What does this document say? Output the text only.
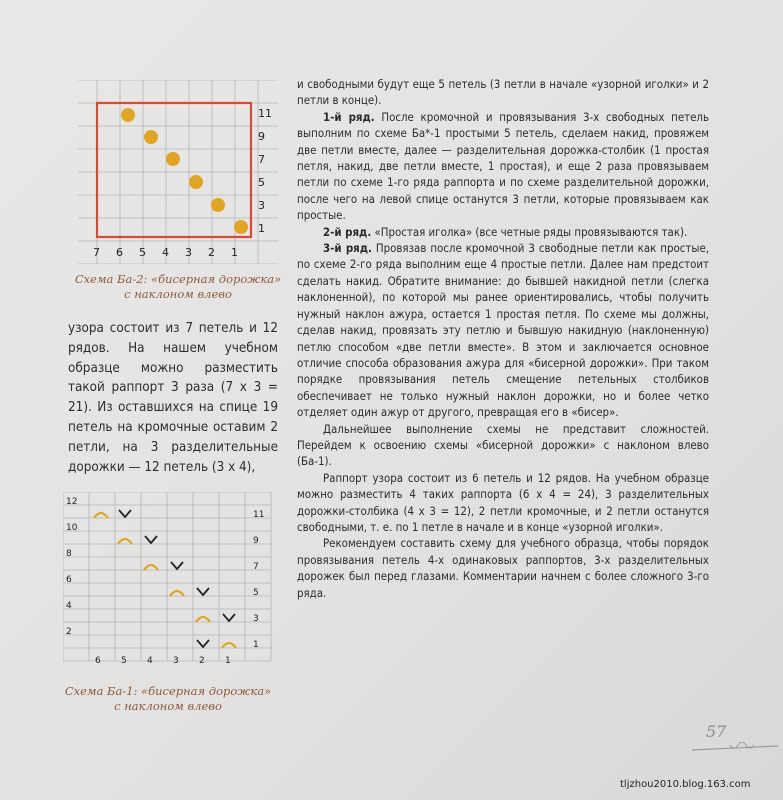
11
9
7
5
3
1
7 6 5 4 3 2 1
Схема Ба-2: «бисерная дорожка»
с наклоном влево
узора состоит из 7 петель и 12 рядов. На нашем учебном образце можно разместить такой раппорт 3 раза (7 х 3 = 21). Из оставшихся на спице 19 петель на кромочные оставим 2 петли, на 3 разделительные дорожки — 12 петель (3 х 4),
12
10
8
6
4
2
11
9
7
5
3
1
6 5 4 3 2 1
Схема Ба-1: «бисерная дорожка»
с наклоном влево

и свободными будут еще 5 петель (3 петли в начале «узорной иголки» и 2 петли в конце).

1-й ряд. После кромочной и провязывания 3-х свободных петель выполним по схеме Ба*-1 простыми 5 петель, сделаем накид, провяжем две петли вместе, далее — разделительная дорожка-столбик (1 простая петля, накид, две петли вместе, 1 простая), и еще 2 раза провязываем петли по схеме 1-го ряда раппорта и по схеме разделительной дорожки, после чего на левой спице останутся 3 петли, которые провязываем как простые.

2-й ряд. «Простая иголка» (все четные ряды провязываются так).

3-й ряд. Провязав после кромочной 3 свободные петли как простые, по схеме 2-го ряда выполним еще 4 простые петли. Далее нам предстоит сделать накид. Обратите внимание: до бывшей накидной петли (слегка наклоненной), по которой мы ранее ориентировались, чтобы получить нужный наклон ажура, остается 1 простая петля. По схеме мы должны, сделав накид, провязать эту петлю и бывшую накидную (наклоненную) петлю способом «две петли вместе». В этом и заключается основное отличие способа образования ажура для «бисерной дорожки». При таком порядке провязывания петель смещение петельных столбиков обеспечивает не только нужный наклон дорожки, но и более четко отделяет один ажур от другого, превращая его в «бисер».

Дальнейшее выполнение схемы не представит сложностей. Перейдем к освоению схемы «бисерной дорожки» с наклоном влево (Ба-1).

Раппорт узора состоит из 6 петель и 12 рядов. На учебном образце можно разместить 4 таких раппорта (6 х 4 = 24), 3 разделительных дорожки-столбика (4 х 3 = 12), 2 петли кромочные, и 2 петли останутся свободными, т. е. по 1 петле в начале и в конце «узорной иголки».

Рекомендуем составить схему для учебного образца, чтобы порядок провязывания петель 4-х одинаковых раппортов, 3-х разделительных дорожек был перед глазами. Комментарии начнем с более сложного 3-го ряда.

57
tljzhou2010.blog.163.com
